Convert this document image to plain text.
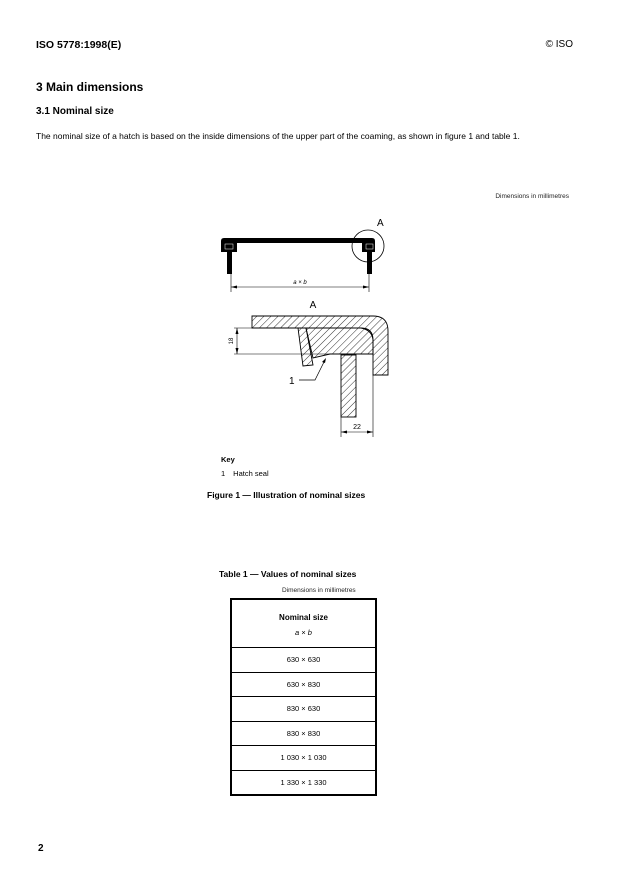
ISO 5778:1998(E)	© ISO
3 Main dimensions
3.1 Nominal size
The nominal size of a hatch is based on the inside dimensions of the upper part of the coaming, as shown in figure 1 and table 1.
Dimensions in millimetres
A
a × b
A
18
22
1
Key
1 Hatch seal
Figure 1 — Illustration of nominal sizes
Table 1 — Values of nominal sizes
Dimensions in millimetres
Nominal size
a × b
630 × 630
630 × 830
830 × 630
830 × 830
1 030 × 1 030
1 330 × 1 330
2
